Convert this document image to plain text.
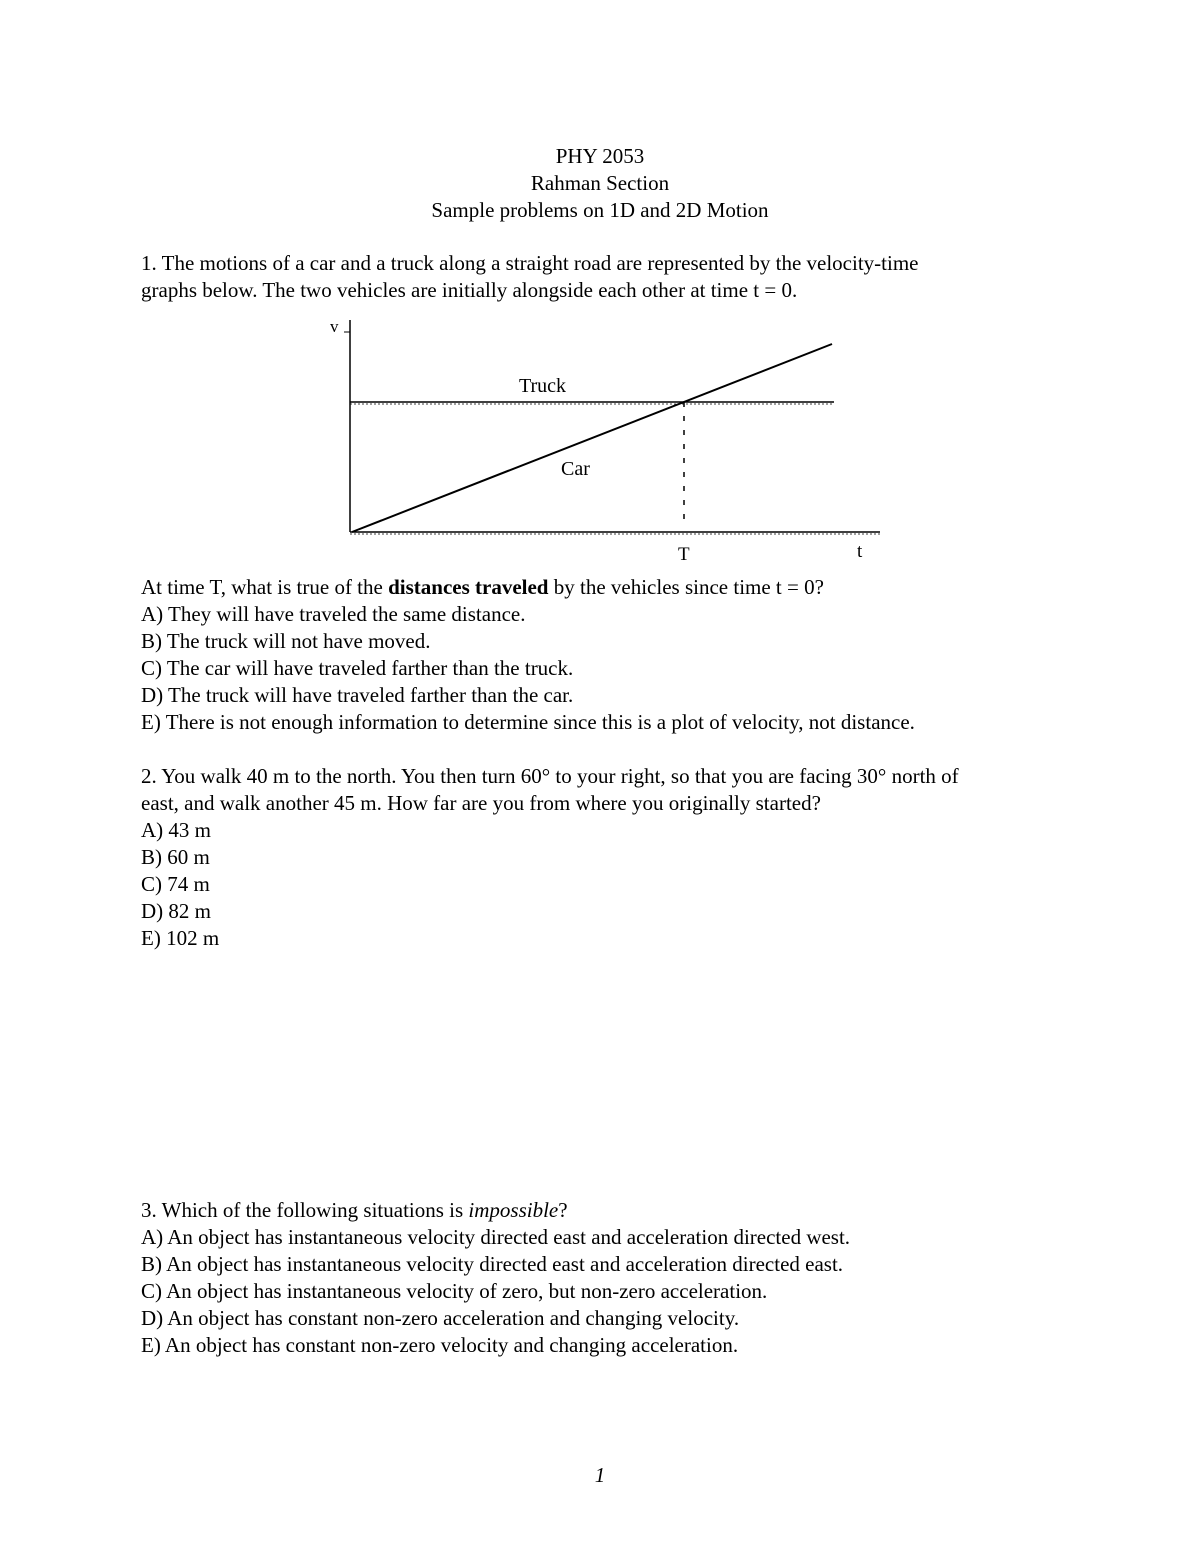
PHY 2053
Rahman Section
Sample problems on 1D and 2D Motion

1. The motions of a car and a truck along a straight road are represented by the velocity-time

graphs below. The two vehicles are initially alongside each other at time t = 0.

v
Truck
Car
T	t

At time T, what is true of the distances traveled by the vehicles since time t = 0?

A) They will have traveled the same distance.

B) The truck will not have moved.

C) The car will have traveled farther than the truck.

D) The truck will have traveled farther than the car.

E) There is not enough information to determine since this is a plot of velocity, not distance.

2. You walk 40 m to the north. You then turn 60° to your right, so that you are facing 30° north of

east, and walk another 45 m. How far are you from where you originally started?

A) 43 m

B) 60 m

C) 74 m

D) 82 m

E) 102 m

3. Which of the following situations is impossible?

A) An object has instantaneous velocity directed east and acceleration directed west.

B) An object has instantaneous velocity directed east and acceleration directed east.

C) An object has instantaneous velocity of zero, but non-zero acceleration.

D) An object has constant non-zero acceleration and changing velocity.

E) An object has constant non-zero velocity and changing acceleration.

1
